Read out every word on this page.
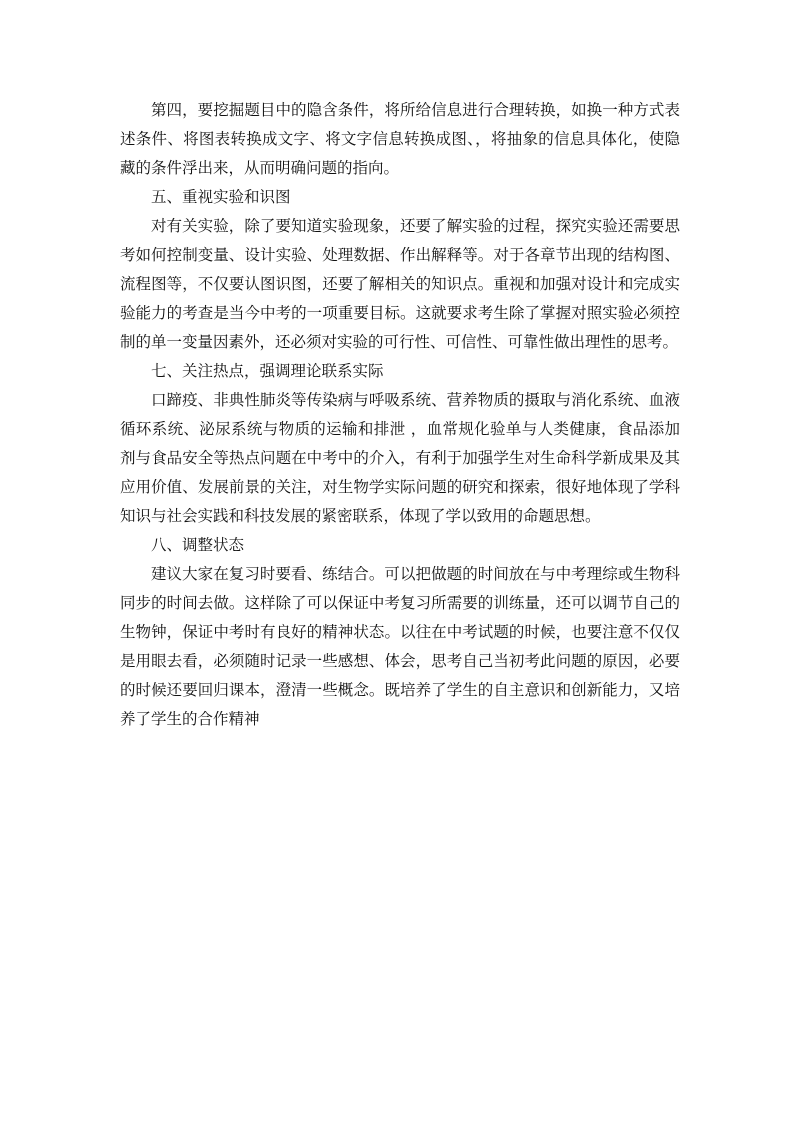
第四，要挖掘题目中的隐含条件，将所给信息进行合理转换，如换一种方式表述条件、将图表转换成文字、将文字信息转换成图、，将抽象的信息具体化，使隐藏的条件浮出来，从而明确问题的指向。

五、重视实验和识图

对有关实验，除了要知道实验现象，还要了解实验的过程，探究实验还需要思考如何控制变量、设计实验、处理数据、作出解释等。对于各章节出现的结构图、流程图等，不仅要认图识图，还要了解相关的知识点。重视和加强对设计和完成实验能力的考查是当今中考的一项重要目标。这就要求考生除了掌握对照实验必须控制的单一变量因素外，还必须对实验的可行性、可信性、可靠性做出理性的思考。

七、关注热点，强调理论联系实际

口蹄疫、非典性肺炎等传染病与呼吸系统、营养物质的摄取与消化系统、血液循环系统、泌尿系统与物质的运输和排泄 ，血常规化验单与人类健康，食品添加剂与食品安全等热点问题在中考中的介入，有利于加强学生对生命科学新成果及其应用价值、发展前景的关注，对生物学实际问题的研究和探索，很好地体现了学科知识与社会实践和科技发展的紧密联系，体现了学以致用的命题思想。

八、调整状态

建议大家在复习时要看、练结合。可以把做题的时间放在与中考理综或生物科同步的时间去做。这样除了可以保证中考复习所需要的训练量，还可以调节自己的生物钟，保证中考时有良好的精神状态。以往在中考试题的时候，也要注意不仅仅是用眼去看，必须随时记录一些感想、体会，思考自己当初考此问题的原因，必要的时候还要回归课本，澄清一些概念。既培养了学生的自主意识和创新能力，又培养了学生的合作精神
